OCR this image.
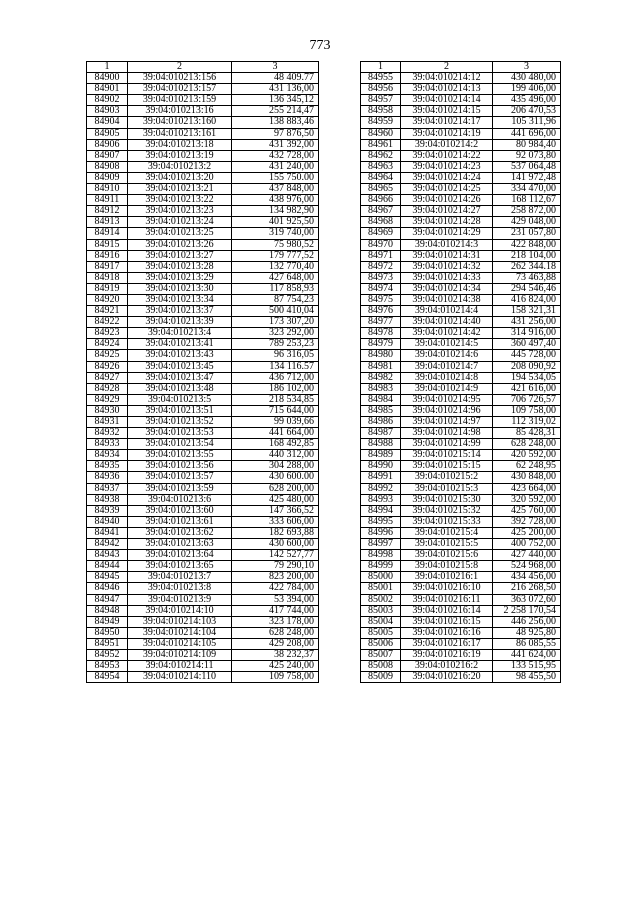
773
1	2	3
84900	39:04:010213:156	48 409.77
84901	39:04:010213:157	431 136,00
84902	39:04:010213:159	136 345,12
84903	39:04:010213:16	255 214,47
84904	39:04:010213:160	138 883,46
84905	39:04:010213:161	97 876,50
84906	39:04:010213:18	431 392,00
84907	39:04:010213:19	432 728,00
84908	39:04:010213:2	431 240,00
84909	39:04:010213:20	155 750.00
84910	39:04:010213:21	437 848,00
84911	39:04:010213:22	438 976,00
84912	39:04:010213:23	134 982,90
84913	39:04:010213:24	401 925,50
84914	39:04:010213:25	319 740,00
84915	39:04:010213:26	75 980,52
84916	39:04:010213:27	179 777,52
84917	39:04:010213:28	132 770,40
84918	39:04:010213:29	427 648,00
84919	39:04:010213:30	117 858,93
84920	39:04:010213:34	87 754,23
84921	39:04:010213:37	500 410,04
84922	39:04:010213:39	173 307,20
84923	39:04:010213:4	323 292,00
84924	39:04:010213:41	789 253,23
84925	39:04:010213:43	96 316,05
84926	39:04:010213:45	134 116.57
84927	39:04:010213:47	436 712,00
84928	39:04:010213:48	186 102,00
84929	39:04:010213:5	218 534,85
84930	39:04:010213:51	715 644,00
84931	39:04:010213:52	99 039,66
84932	39:04:010213:53	441 664,00
84933	39:04:010213:54	168 492,85
84934	39:04:010213:55	440 312,00
84935	39:04:010213:56	304 288,00
84936	39:04:010213:57	430 600.00
84937	39:04:010213:59	628 200,00
84938	39:04:010213:6	425 480,00
84939	39:04:010213:60	147 366,52
84940	39:04:010213:61	333 606,00
84941	39:04:010213:62	182 693,88
84942	39:04:010213:63	430 600,00
84943	39:04:010213:64	142 527,77
84944	39:04:010213:65	79 290,10
84945	39:04:010213:7	823 200,00
84946	39:04:010213:8	422 784,00
84947	39:04:010213:9	53 394,00
84948	39:04:010214:10	417 744,00
84949	39:04:010214:103	323 178,00
84950	39:04:010214:104	628 248,00
84951	39:04:010214:105	429 208,00
84952	39:04:010214:109	38 232,37
84953	39:04:010214:11	425 240,00
84954	39:04:010214:110	109 758,00
1	2	3
84955	39:04:010214:12	430 480,00
84956	39:04:010214:13	199 406,00
84957	39:04:010214:14	435 496,00
84958	39:04:010214:15	206 470,53
84959	39:04:010214:17	105 311,96
84960	39:04:010214:19	441 696,00
84961	39:04:010214:2	80 984,40
84962	39:04:010214:22	92 073,80
84963	39:04:010214:23	537 064,48
84964	39:04:010214:24	141 972,48
84965	39:04:010214:25	334 470,00
84966	39:04:010214:26	168 112,67
84967	39:04:010214:27	258 872,00
84968	39:04:010214:28	429 048,00
84969	39:04:010214:29	231 057,80
84970	39:04:010214:3	422 848,00
84971	39:04:010214:31	218 104,00
84972	39:04:010214:32	262 344.18
84973	39:04:010214:33	73 463,88
84974	39:04:010214:34	294 546,46
84975	39:04:010214:38	416 824,00
84976	39:04:010214:4	158 321,31
84977	39:04:010214:40	431 256,00
84978	39:04:010214:42	314 916,00
84979	39:04:010214:5	360 497,40
84980	39:04:010214:6	445 728,00
84981	39:04:010214:7	208 090,92
84982	39:04:010214:8	194 534,05
84983	39:04:010214:9	421 616,00
84984	39:04:010214:95	706 726,57
84985	39:04:010214:96	109 758,00
84986	39:04:010214:97	112 319,02
84987	39:04:010214:98	85 428,31
84988	39:04:010214:99	628 248,00
84989	39:04:010215:14	420 592,00
84990	39:04:010215:15	62 248,95
84991	39:04:010215:2	430 848,00
84992	39:04:010215:3	423 664,00
84993	39:04:010215:30	320 592,00
84994	39:04:010215:32	425 760,00
84995	39:04:010215:33	392 728,00
84996	39:04:010215:4	425 200,00
84997	39:04:010215:5	400 752,00
84998	39:04:010215:6	427 440,00
84999	39:04:010215:8	524 968,00
85000	39:04:010216:1	434 456,00
85001	39:04:010216:10	216 268,50
85002	39:04:010216:11	363 072,60
85003	39:04:010216:14	2 258 170,54
85004	39:04:010216:15	446 256,00
85005	39:04:010216:16	48 925,80
85006	39:04:010216:17	86 085,55
85007	39:04:010216:19	441 624,00
85008	39:04:010216:2	133 515,95
85009	39:04:010216:20	98 455,50
